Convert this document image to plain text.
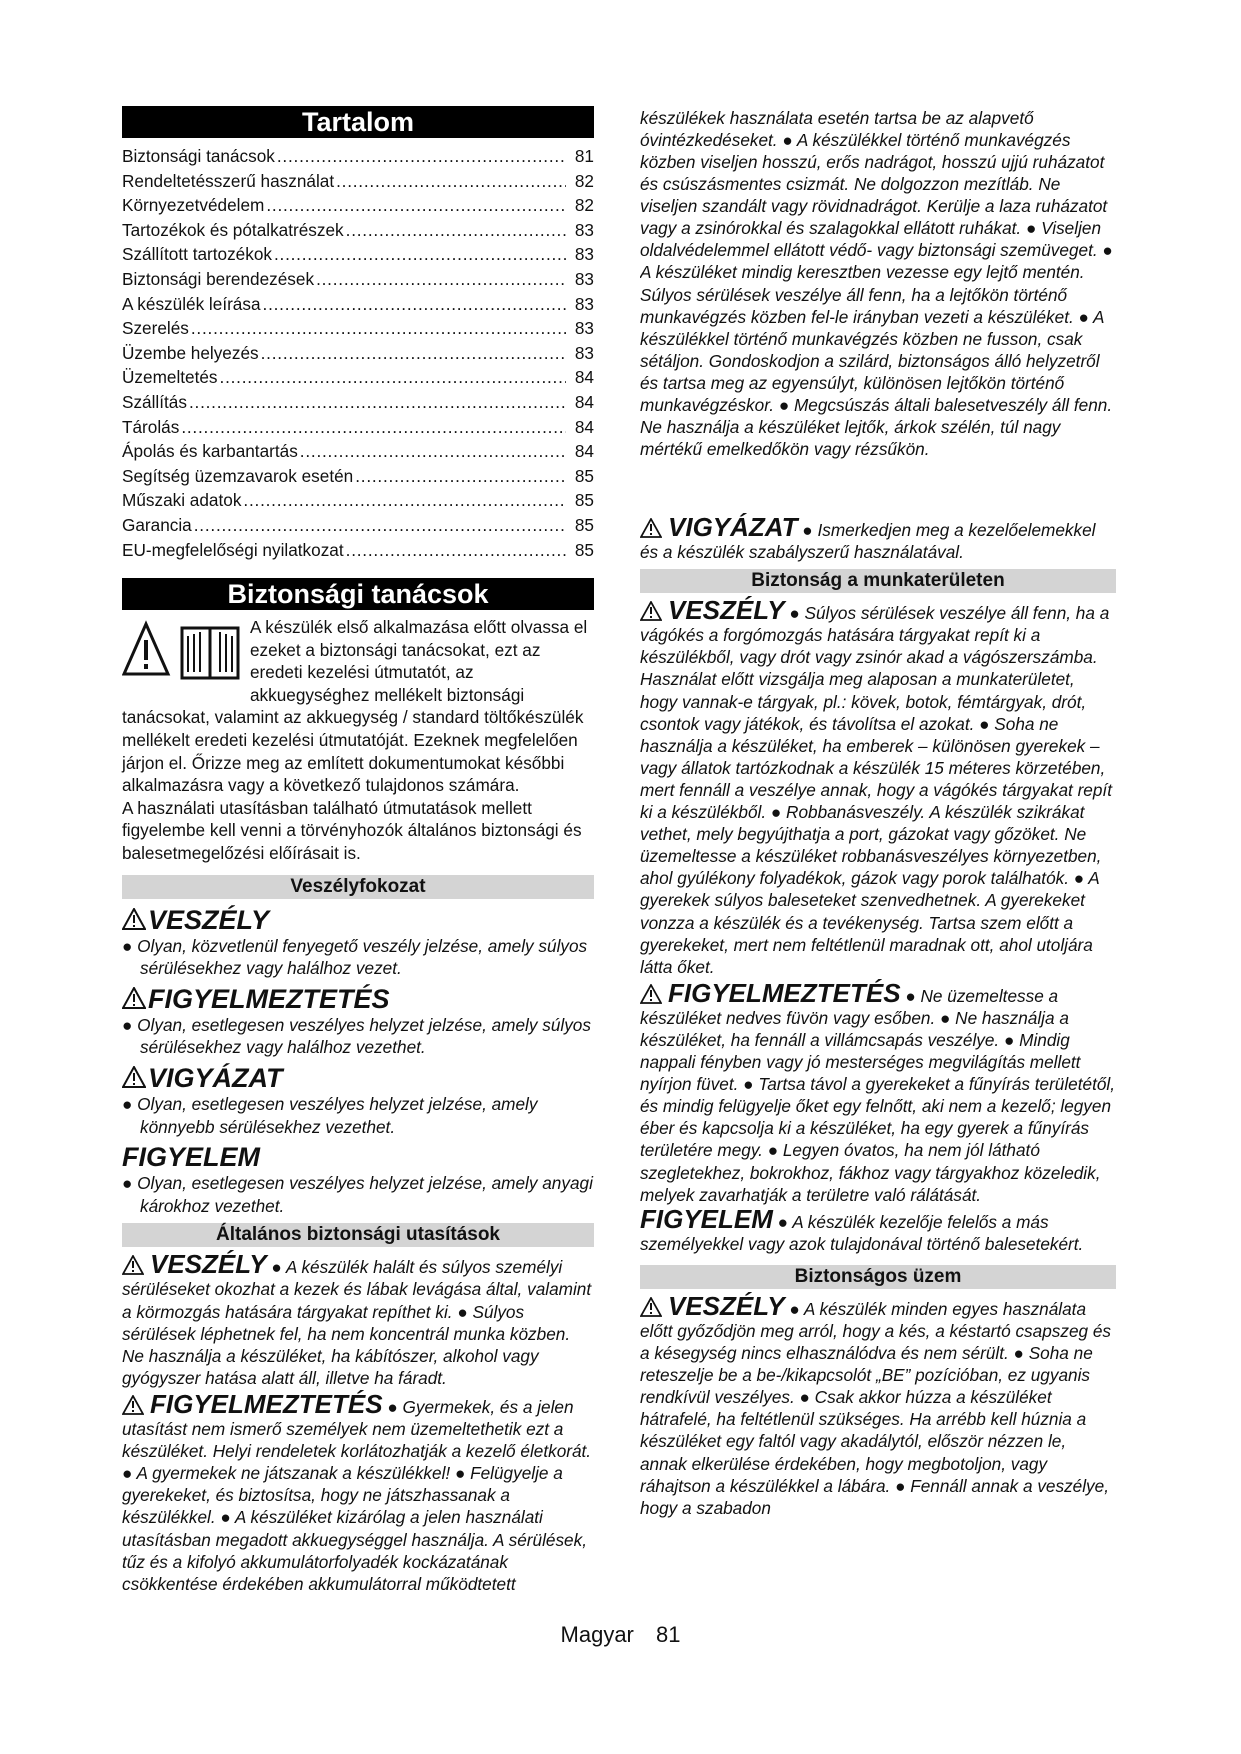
Tartalom
Biztonsági tanácsok . . .	81
Rendeltetésszerű használat . . .	82
Környezetvédelem . . .	82
Tartozékok és pótalkatrészek . . .	83
Szállított tartozékok . . .	83
Biztonsági berendezések . . .	83
A készülék leírása . . .	83
Szerelés . . .	83
Üzembe helyezés . . .	83
Üzemeltetés . . .	84
Szállítás . . .	84
Tárolás . . .	84
Ápolás és karbantartás . . .	84
Segítség üzemzavarok esetén . . .	85
Műszaki adatok . . .	85
Garancia . . .	85
EU-megfelelőségi nyilatkozat . . .	85
Biztonsági tanácsok

A készülék első alkalmazása előtt olvassa el ezeket a biztonsági tanácsokat, ezt az eredeti kezelési útmutatót, az akkuegységhez mellékelt biztonsági tanácsokat, valamint az akkuegység / standard töltőkészülék mellékelt eredeti kezelési útmutatóját. Ezeknek megfelelően járjon el. Őrizze meg az említett dokumentumokat későbbi alkalmazásra vagy a következő tulajdonos számára.

A használati utasításban található útmutatások mellett figyelembe kell venni a törvényhozók általános biztonsági és balesetmegelőzési előírásait is.

Veszélyfokozat
VESZÉLY

● Olyan, közvetlenül fenyegető veszély jelzése, amely súlyos sérülésekhez vagy halálhoz vezet.

FIGYELMEZTETÉS

● Olyan, esetlegesen veszélyes helyzet jelzése, amely súlyos sérülésekhez vagy halálhoz vezethet.

VIGYÁZAT

● Olyan, esetlegesen veszélyes helyzet jelzése, amely könnyebb sérülésekhez vezethet.

FIGYELEM

● Olyan, esetlegesen veszélyes helyzet jelzése, amely anyagi károkhoz vezethet.

Általános biztonsági utasítások

VESZÉLY ● A készülék halált és súlyos személyi sérüléseket okozhat a kezek és lábak levágása által, valamint a körmozgás hatására tárgyakat repíthet ki. ● Súlyos sérülések léphetnek fel, ha nem koncentrál munka közben. Ne használja a készüléket, ha kábítószer, alkohol vagy gyógyszer hatása alatt áll, illetve ha fáradt.

FIGYELMEZTETÉS ● Gyermekek, és a jelen utasítást nem ismerő személyek nem üzemeltethetik ezt a készüléket. Helyi rendeletek korlátozhatják a kezelő életkorát. ● A gyermekek ne játszanak a készülékkel! ● Felügyelje a gyerekeket, és biztosítsa, hogy ne játszhassanak a készülékkel. ● A készüléket kizárólag a jelen használati utasításban megadott akkuegységgel használja. A sérülések, tűz és a kifolyó akkumulátorfolyadék kockázatának csökkentése érdekében akkumulátorral működtetett

készülékek használata esetén tartsa be az alapvető óvintézkedéseket. ● A készülékkel történő munkavégzés közben viseljen hosszú, erős nadrágot, hosszú ujjú ruházatot és csúszásmentes csizmát. Ne dolgozzon mezítláb. Ne viseljen szandált vagy rövidnadrágot. Kerülje a laza ruházatot vagy a zsinórokkal és szalagokkal ellátott ruhákat. ● Viseljen oldalvédelemmel ellátott védő- vagy biztonsági szemüveget. ● A készüléket mindig keresztben vezesse egy lejtő mentén. Súlyos sérülések veszélye áll fenn, ha a lejtőkön történő munkavégzés közben fel-le irányban vezeti a készüléket. ● A készülékkel történő munkavégzés közben ne fusson, csak sétáljon. Gondoskodjon a szilárd, biztonságos álló helyzetről és tartsa meg az egyensúlyt, különösen lejtőkön történő munkavégzéskor. ● Megcsúszás általi balesetveszély áll fenn. Ne használja a készüléket lejtők, árkok szélén, túl nagy mértékű emelkedőkön vagy rézsűkön.

VIGYÁZAT ● Ismerkedjen meg a kezelőelemekkel és a készülék szabályszerű használatával.

Biztonság a munkaterületen

VESZÉLY ● Súlyos sérülések veszélye áll fenn, ha a vágókés a forgómozgás hatására tárgyakat repít ki a készülékből, vagy drót vagy zsinór akad a vágószerszámba. Használat előtt vizsgálja meg alaposan a munkaterületet, hogy vannak-e tárgyak, pl.: kövek, botok, fémtárgyak, drót, csontok vagy játékok, és távolítsa el azokat. ● Soha ne használja a készüléket, ha emberek – különösen gyerekek – vagy állatok tartózkodnak a készülék 15 méteres körzetében, mert fennáll a veszélye annak, hogy a vágókés tárgyakat repít ki a készülékből. ● Robbanásveszély. A készülék szikrákat vethet, mely begyújthatja a port, gázokat vagy gőzöket. Ne üzemeltesse a készüléket robbanásveszélyes környezetben, ahol gyúlékony folyadékok, gázok vagy porok találhatók. ● A gyerekek súlyos baleseteket szenvedhetnek. A gyerekeket vonzza a készülék és a tevékenység. Tartsa szem előtt a gyerekeket, mert nem feltétlenül maradnak ott, ahol utoljára látta őket.

FIGYELMEZTETÉS ● Ne üzemeltesse a készüléket nedves füvön vagy esőben. ● Ne használja a készüléket, ha fennáll a villámcsapás veszélye. ● Mindig nappali fényben vagy jó mesterséges megvilágítás mellett nyírjon füvet. ● Tartsa távol a gyerekeket a fűnyírás területétől, és mindig felügyelje őket egy felnőtt, aki nem a kezelő; legyen éber és kapcsolja ki a készüléket, ha egy gyerek a fűnyírás területére megy. ● Legyen óvatos, ha nem jól látható szegletekhez, bokrokhoz, fákhoz vagy tárgyakhoz közeledik, melyek zavarhatják a területre való rálátását.

FIGYELEM ● A készülék kezelője felelős a más személyekkel vagy azok tulajdonával történő balesetekért.

Biztonságos üzem

VESZÉLY ● A készülék minden egyes használata előtt győződjön meg arról, hogy a kés, a késtartó csapszeg és a késegység nincs elhasználódva és nem sérült. ● Soha ne reteszelje be a be-/kikapcsolót „BE” pozícióban, ez ugyanis rendkívül veszélyes. ● Csak akkor húzza a készüléket hátrafelé, ha feltétlenül szükséges. Ha arrébb kell húznia a készüléket egy faltól vagy akadálytól, először nézzen le, annak elkerülése érdekében, hogy megbotoljon, vagy ráhajtson a készülékkel a lábára. ● Fennáll annak a veszélye, hogy a szabadon

Magyar 81
